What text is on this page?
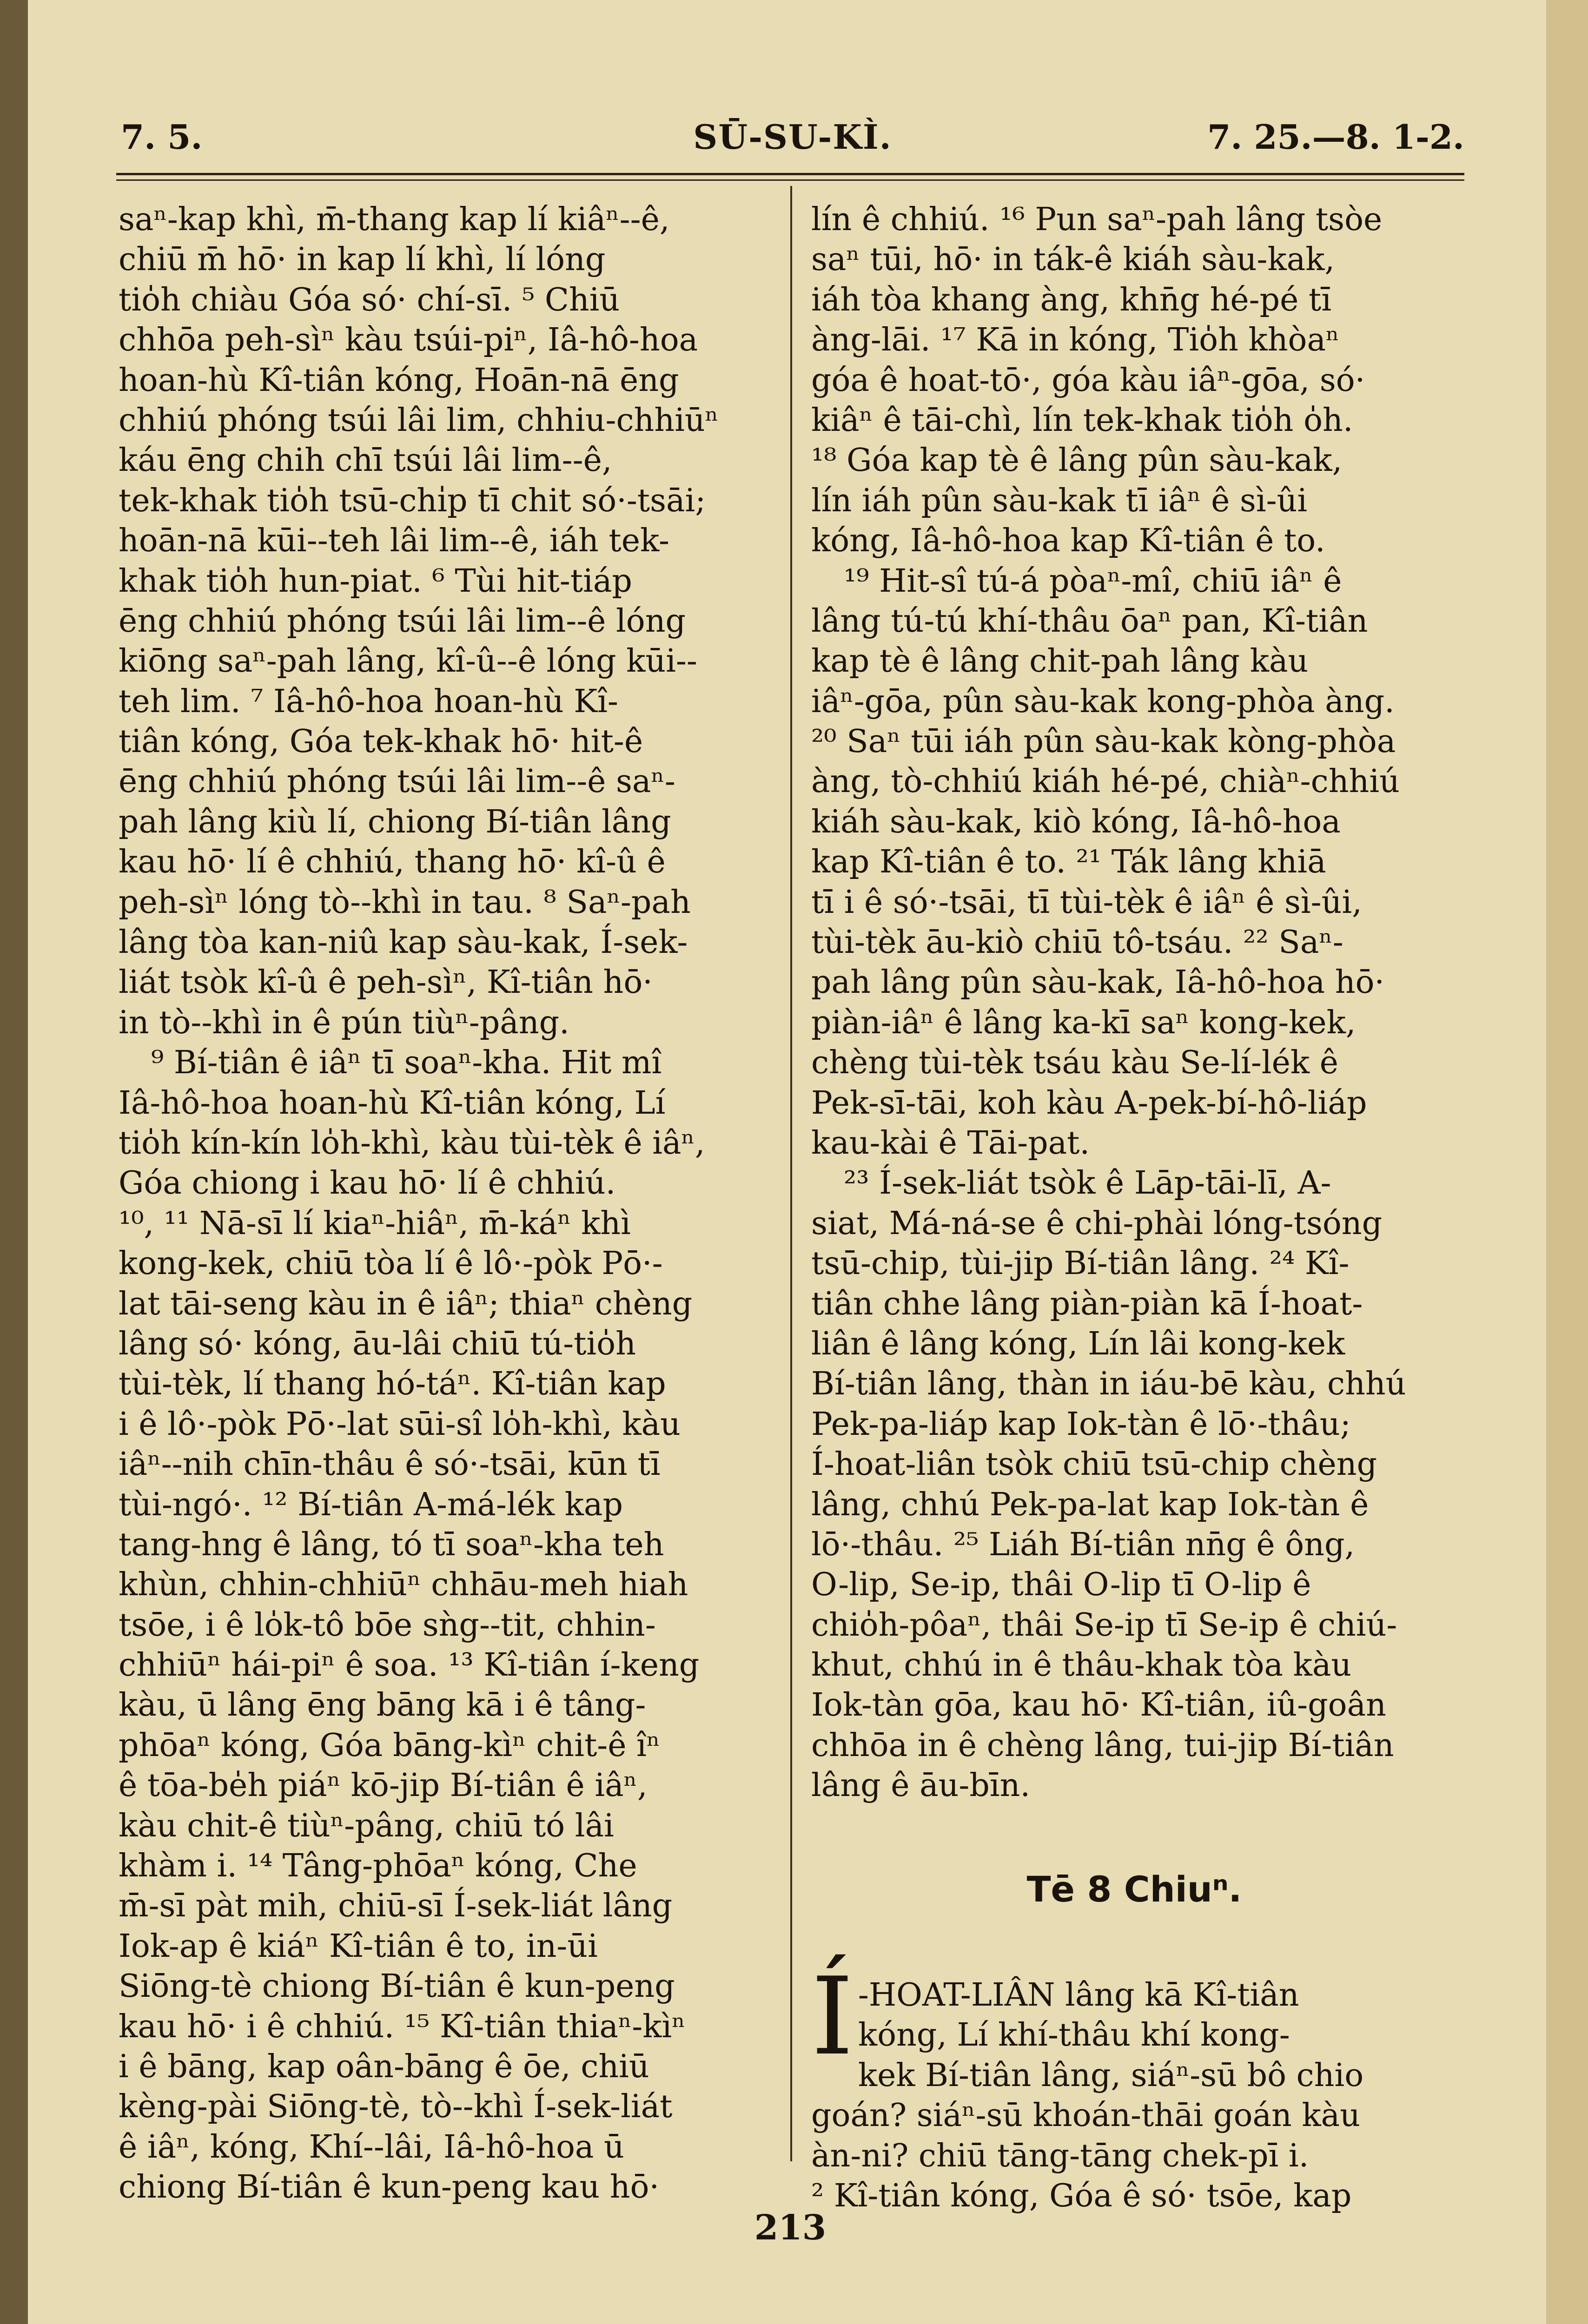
7. 5.	SŪ-SU-KÌ.	7. 25.—8. 1-2.
saⁿ-kap khì, m̄-thang kap lí kiâⁿ--ê,
chiū m̄ hō· in kap lí khì, lí lóng
tio̍h chiàu Góa só· chí-sī. ⁵ Chiū
chhōa peh-sìⁿ kàu tsúi-piⁿ, Iâ-hô-hoa
hoan-hù Kî-tiân kóng, Hoān-nā ēng
chhiú phóng tsúi lâi lim, chhiu-chhiūⁿ
káu ēng chih chī tsúi lâi lim--ê,
tek-khak tio̍h tsū-chi̍p tī chit só·-tsāi;
hoān-nā kūi--teh lâi lim--ê, iáh tek-
khak tio̍h hun-piat. ⁶ Tùi hit-tiáp
ēng chhiú phóng tsúi lâi lim--ê lóng
kiōng saⁿ-pah lâng, kî-û--ê lóng kūi--
teh lim. ⁷ Iâ-hô-hoa hoan-hù Kî-
tiân kóng, Góa tek-khak hō· hit-ê
ēng chhiú phóng tsúi lâi lim--ê saⁿ-
pah lâng kiù lí, chiong Bí-tiân lâng
kau hō· lí ê chhiú, thang hō· kî-û ê
peh-sìⁿ lóng tò--khì in tau. ⁸ Saⁿ-pah
lâng tòa kan-niû kap sàu-kak, Í-sek-
liát tsòk kî-û ê peh-sìⁿ, Kî-tiân hō·
in tò--khì in ê pún tiùⁿ-pâng.
⁹ Bí-tiân ê iâⁿ tī soaⁿ-kha. Hit mî
Iâ-hô-hoa hoan-hù Kî-tiân kóng, Lí
tio̍h kín-kín lo̍h-khì, kàu tùi-tèk ê iâⁿ,
Góa chiong i kau hō· lí ê chhiú.
¹⁰, ¹¹ Nā-sī lí kiaⁿ-hiâⁿ, m̄-káⁿ khì
kong-kek, chiū tòa lí ê lô·-pòk Pō·-
lat tāi-seng kàu in ê iâⁿ; thiaⁿ chèng
lâng só· kóng, āu-lâi chiū tú-tio̍h
tùi-tèk, lí thang hó-táⁿ. Kî-tiân kap
i ê lô·-pòk Pō·-lat sūi-sî lo̍h-khì, kàu
iâⁿ--nih chīn-thâu ê só·-tsāi, kūn tī
tùi-ngó·. ¹² Bí-tiân A-má-lék kap
tang-hng ê lâng, tó tī soaⁿ-kha teh
khùn, chhin-chhiūⁿ chhāu-meh hiah
tsōe, i ê lo̍k-tô bōe sǹg--tit, chhin-
chhiūⁿ hái-piⁿ ê soa. ¹³ Kî-tiân í-keng
kàu, ū lâng ēng bāng kā i ê tâng-
phōaⁿ kóng, Góa bāng-kìⁿ chit-ê îⁿ
ê tōa-be̍h piáⁿ kō-jip Bí-tiân ê iâⁿ,
kàu chit-ê tiùⁿ-pâng, chiū tó lâi
khàm i. ¹⁴ Tâng-phōaⁿ kóng, Che
m̄-sī pàt mih, chiū-sī Í-sek-liát lâng
Iok-ap ê kiáⁿ Kî-tiân ê to, in-ūi
Siōng-tè chiong Bí-tiân ê kun-peng
kau hō· i ê chhiú. ¹⁵ Kî-tiân thiaⁿ-kìⁿ
i ê bāng, kap oân-bāng ê ōe, chiū
kèng-pài Siōng-tè, tò--khì Í-sek-liát
ê iâⁿ, kóng, Khí--lâi, Iâ-hô-hoa ū
chiong Bí-tiân ê kun-peng kau hō·
lín ê chhiú. ¹⁶ Pun saⁿ-pah lâng tsòe
saⁿ tūi, hō· in ták-ê kiáh sàu-kak,
iáh tòa khang àng, khn̄g hé-pé tī
àng-lāi. ¹⁷ Kā in kóng, Tio̍h khòaⁿ
góa ê hoat-tō·, góa kàu iâⁿ-gōa, só·
kiâⁿ ê tāi-chì, lín tek-khak tio̍h o̍h.
¹⁸ Góa kap tè ê lâng pûn sàu-kak,
lín iáh pûn sàu-kak tī iâⁿ ê sì-ûi
kóng, Iâ-hô-hoa kap Kî-tiân ê to.
¹⁹ Hit-sî tú-á pòaⁿ-mî, chiū iâⁿ ê
lâng tú-tú khí-thâu ōaⁿ pan, Kî-tiân
kap tè ê lâng chit-pah lâng kàu
iâⁿ-gōa, pûn sàu-kak kong-phòa àng.
²⁰ Saⁿ tūi iáh pûn sàu-kak kòng-phòa
àng, tò-chhiú kiáh hé-pé, chiàⁿ-chhiú
kiáh sàu-kak, kiò kóng, Iâ-hô-hoa
kap Kî-tiân ê to. ²¹ Ták lâng khiā
tī i ê só·-tsāi, tī tùi-tèk ê iâⁿ ê sì-ûi,
tùi-tèk āu-kiò chiū tô-tsáu. ²² Saⁿ-
pah lâng pûn sàu-kak, Iâ-hô-hoa hō·
piàn-iâⁿ ê lâng ka-kī saⁿ kong-kek,
chèng tùi-tèk tsáu kàu Se-lí-lék ê
Pek-sī-tāi, koh kàu A-pek-bí-hô-liáp
kau-kài ê Tāi-pat.
²³ Í-sek-liát tsòk ê Lāp-tāi-lī, A-
siat, Má-ná-se ê chi-phài lóng-tsóng
tsū-chip, tùi-jip Bí-tiân lâng. ²⁴ Kî-
tiân chhe lâng piàn-piàn kā Í-hoat-
liân ê lâng kóng, Lín lâi kong-kek
Bí-tiân lâng, thàn in iáu-bē kàu, chhú
Pek-pa-liáp kap Iok-tàn ê lō·-thâu;
Í-hoat-liân tsòk chiū tsū-chip chèng
lâng, chhú Pek-pa-lat kap Iok-tàn ê
lō·-thâu. ²⁵ Liáh Bí-tiân nn̄g ê ông,
O-lip, Se-ip, thâi O-lip tī O-lip ê
chio̍h-pôaⁿ, thâi Se-ip tī Se-ip ê chiú-
khut, chhú in ê thâu-khak tòa kàu
Iok-tàn gōa, kau hō· Kî-tiân, iû-goân
chhōa in ê chèng lâng, tui-jip Bí-tiân
lâng ê āu-bīn.
Tē 8 Chiuⁿ.
Í -HOAT-LIÂN lâng kā Kî-tiân
kóng, Lí khí-thâu khí kong-
kek Bí-tiân lâng, siáⁿ-sū bô chio
goán? siáⁿ-sū khoán-thāi goán kàu
àn-ni? chiū tāng-tāng chek-pī i.
² Kî-tiân kóng, Góa ê só· tsōe, kap
213
